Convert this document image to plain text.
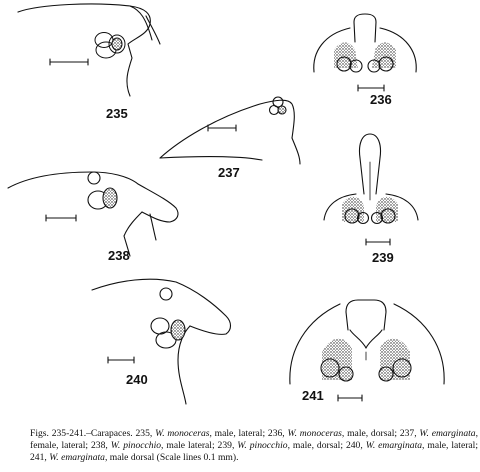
235
236
237
238	239
240
241
Figs. 235-241.–Carapaces. 235, W. monoceras, male, lateral; 236, W. monoceras, male, dorsal; 237, W. emarginata, female, lateral; 238, W. pinocchio, male lateral; 239, W. pinocchio, male, dorsal; 240, W. emarginata, male, lateral; 241, W. emarginata, male dorsal (Scale lines 0.1 mm).
